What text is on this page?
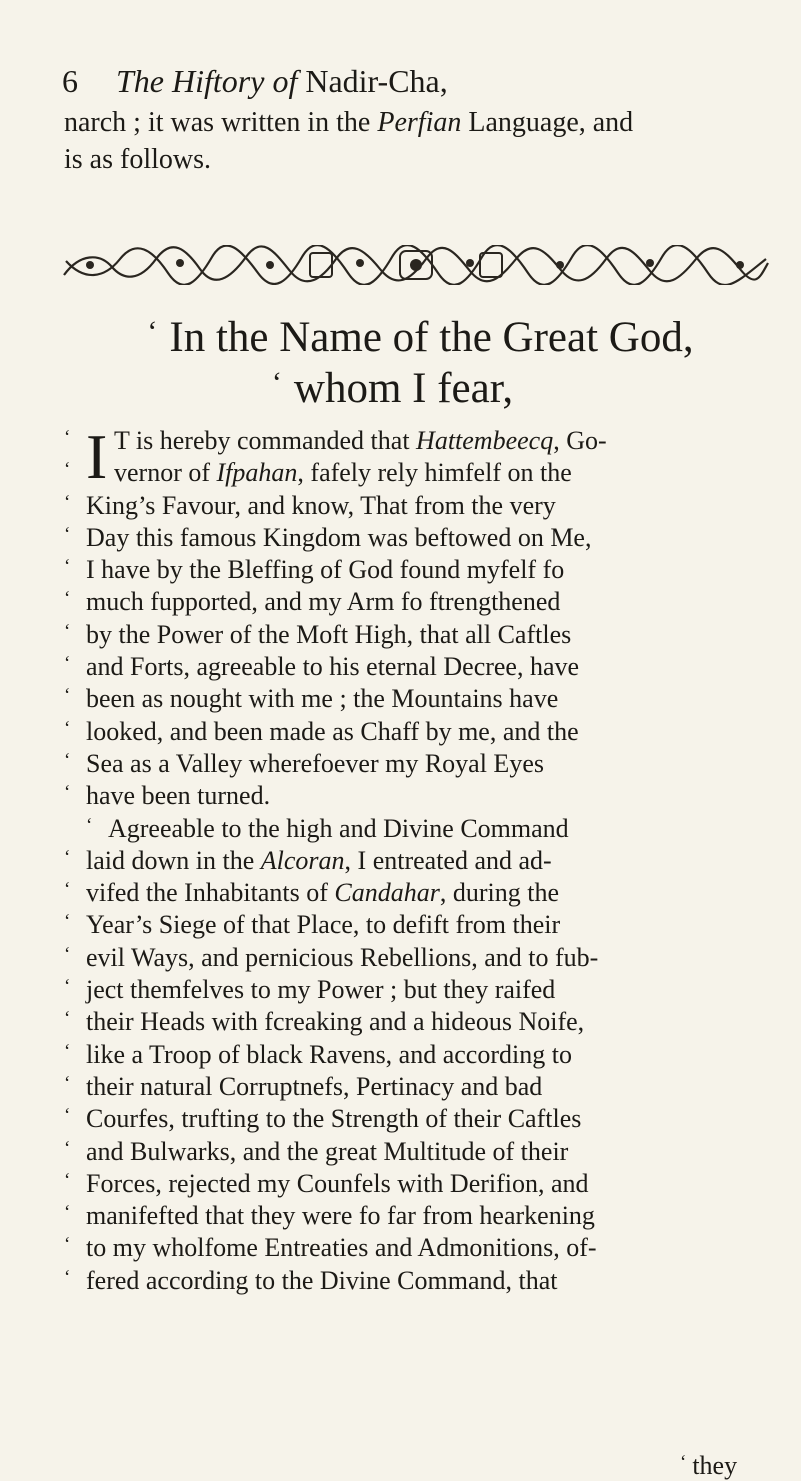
6 The Hiftory of Nadir-Cha,
narch ; it was written in the Perfian Language, and
is as follows.
‘ In the Name of the Great God,
‘ whom I fear,
‘ I T is hereby commanded that Hattembeecq, Go-
‘ vernor of Ifpahan, fafely rely himfelf on the
‘ King’s Favour, and know, That from the very
‘ Day this famous Kingdom was beftowed on Me,
‘ I have by the Bleffing of God found myfelf fo
‘ much fupported, and my Arm fo ftrengthened
‘ by the Power of the Moft High, that all Caftles
‘ and Forts, agreeable to his eternal Decree, have
‘ been as nought with me ; the Mountains have
‘ looked, and been made as Chaff by me, and the
‘ Sea as a Valley wherefoever my Royal Eyes
‘ have been turned.
‘ Agreeable to the high and Divine Command
‘ laid down in the Alcoran, I entreated and ad-
‘ vifed the Inhabitants of Candahar, during the
‘ Year’s Siege of that Place, to defift from their
‘ evil Ways, and pernicious Rebellions, and to fub-
‘ ject themfelves to my Power ; but they raifed
‘ their Heads with fcreaking and a hideous Noife,
‘ like a Troop of black Ravens, and according to
‘ their natural Corruptnefs, Pertinacy and bad
‘ Courfes, trufting to the Strength of their Caftles
‘ and Bulwarks, and the great Multitude of their
‘ Forces, rejected my Counfels with Derifion, and
‘ manifefted that they were fo far from hearkening
‘ to my wholfome Entreaties and Admonitions, of-
‘ fered according to the Divine Command, that
‘ they
